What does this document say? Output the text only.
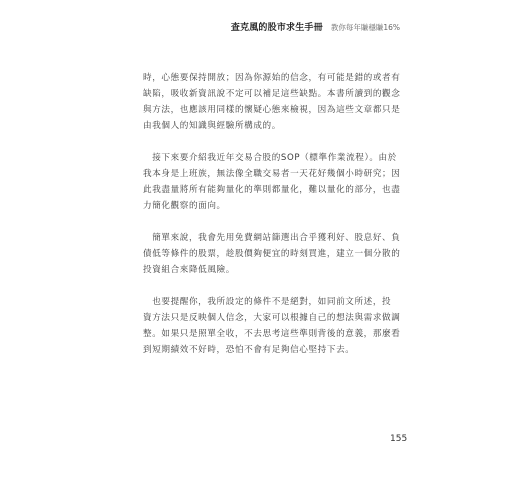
查克風的股市求生手冊 教你每年賺穩賺16%

時，心態要保持開放；因為你源始的信念，有可能是錯的或者有
缺陷，吸收新資訊說不定可以補足這些缺點。本書所讀到的觀念
與方法，也應該用同樣的懷疑心態來檢視，因為這些文章都只是
由我個人的知識與經驗所構成的。

　接下來要介紹我近年交易合股的SOP（標準作業流程）。由於
我本身是上班族，無法像全職交易者一天花好幾個小時研究；因
此我盡量將所有能夠量化的準則都量化，難以量化的部分，也盡
力簡化觀察的面向。

　簡單來說，我會先用免費網站篩選出合乎獲利好、股息好、負
債低等條件的股票，趁股價夠便宜的時刻買進，建立一個分散的
投資組合來降低風險。

　也要提醒你，我所設定的條件不是絕對，如同前文所述，投
資方法只是反映個人信念，大家可以根據自己的想法與需求做調
整。如果只是照單全收，不去思考這些準則背後的意義，那麼看
到短期績效不好時，恐怕不會有足夠信心堅持下去。

155
